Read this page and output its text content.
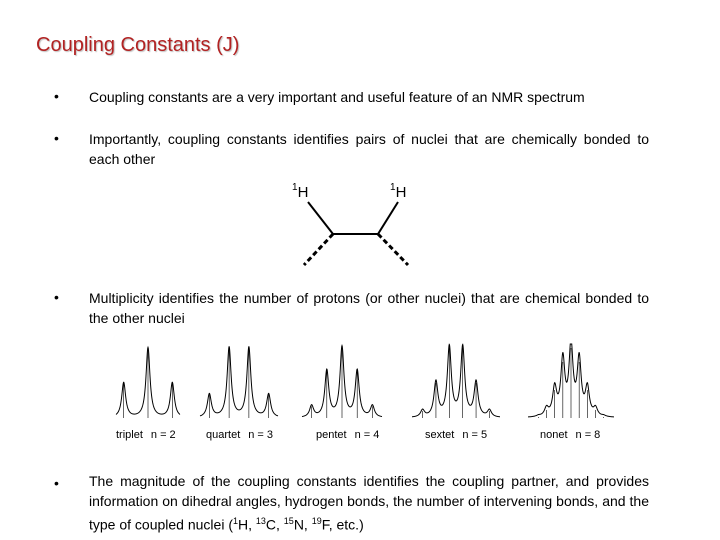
Coupling Constants (J)
• Coupling constants are a very important and useful feature of an NMR spectrum
• Importantly, coupling constants identifies pairs of nuclei that are chemically bonded to each other
$^1$H	$^1$H
• Multiplicity identifies the number of protons (or other nuclei) that are chemical bonded to the other nuclei
triplet n = 2	quartet n = 3	pentet n = 4	sextet n = 5	nonet n = 8
• The magnitude of the coupling constants identifies the coupling partner, and provides information on dihedral angles, hydrogen bonds, the number of intervening bonds, and the type of coupled nuclei ($^1$H, $^{13}$C, $^{15}$N, $^{19}$F, etc.)
